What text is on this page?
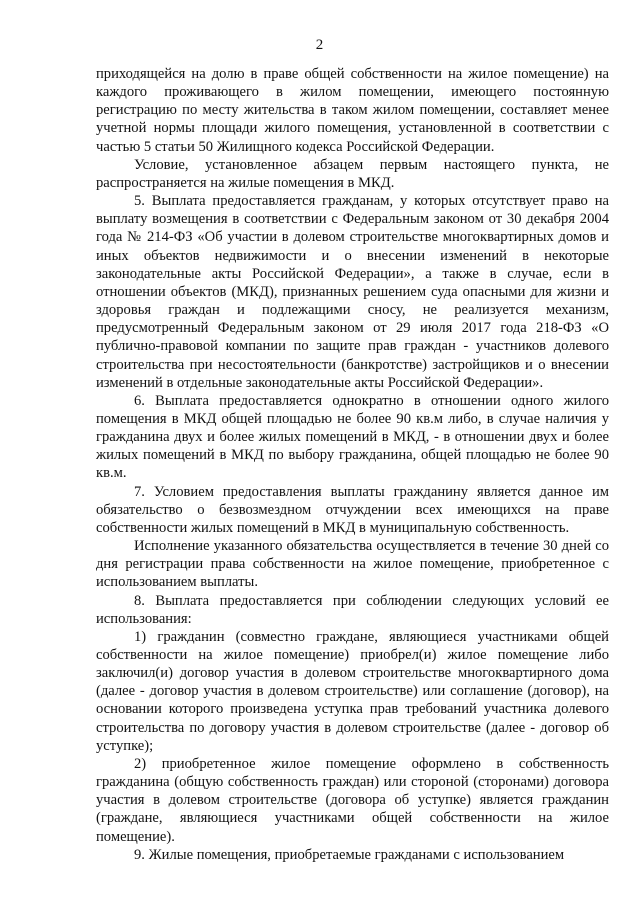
2

приходящейся на долю в праве общей собственности на жилое помещение) на каждого проживающего в жилом помещении, имеющего постоянную регистрацию по месту жительства в таком жилом помещении, составляет менее учетной нормы площади жилого помещения, установленной в соответствии с частью 5 статьи 50 Жилищного кодекса Российской Федерации.

Условие, установленное абзацем первым настоящего пункта, не распространяется на жилые помещения в МКД.

5. Выплата предоставляется гражданам, у которых отсутствует право на выплату возмещения в соответствии с Федеральным законом от 30 декабря 2004 года № 214-ФЗ «Об участии в долевом строительстве многоквартирных домов и иных объектов недвижимости и о внесении изменений в некоторые законодательные акты Российской Федерации», а также в случае, если в отношении объектов (МКД), признанных решением суда опасными для жизни и здоровья граждан и подлежащими сносу, не реализуется механизм, предусмотренный Федеральным законом от 29 июля 2017 года 218-ФЗ «О публично-правовой компании по защите прав граждан - участников долевого строительства при несостоятельности (банкротстве) застройщиков и о внесении изменений в отдельные законодательные акты Российской Федерации».

6. Выплата предоставляется однократно в отношении одного жилого помещения в МКД общей площадью не более 90 кв.м либо, в случае наличия у гражданина двух и более жилых помещений в МКД, - в отношении двух и более жилых помещений в МКД по выбору гражданина, общей площадью не более 90 кв.м.

7. Условием предоставления выплаты гражданину является данное им обязательство о безвозмездном отчуждении всех имеющихся на праве собственности жилых помещений в МКД в муниципальную собственность.

Исполнение указанного обязательства осуществляется в течение 30 дней со дня регистрации права собственности на жилое помещение, приобретенное с использованием выплаты.

8. Выплата предоставляется при соблюдении следующих условий ее использования:

1) гражданин (совместно граждане, являющиеся участниками общей собственности на жилое помещение) приобрел(и) жилое помещение либо заключил(и) договор участия в долевом строительстве многоквартирного дома (далее - договор участия в долевом строительстве) или соглашение (договор), на основании которого произведена уступка прав требований участника долевого строительства по договору участия в долевом строительстве (далее - договор об уступке);

2) приобретенное жилое помещение оформлено в собственность гражданина (общую собственность граждан) или стороной (сторонами) договора участия в долевом строительстве (договора об уступке) является гражданин (граждане, являющиеся участниками общей собственности на жилое помещение).

9. Жилые помещения, приобретаемые гражданами с использованием
